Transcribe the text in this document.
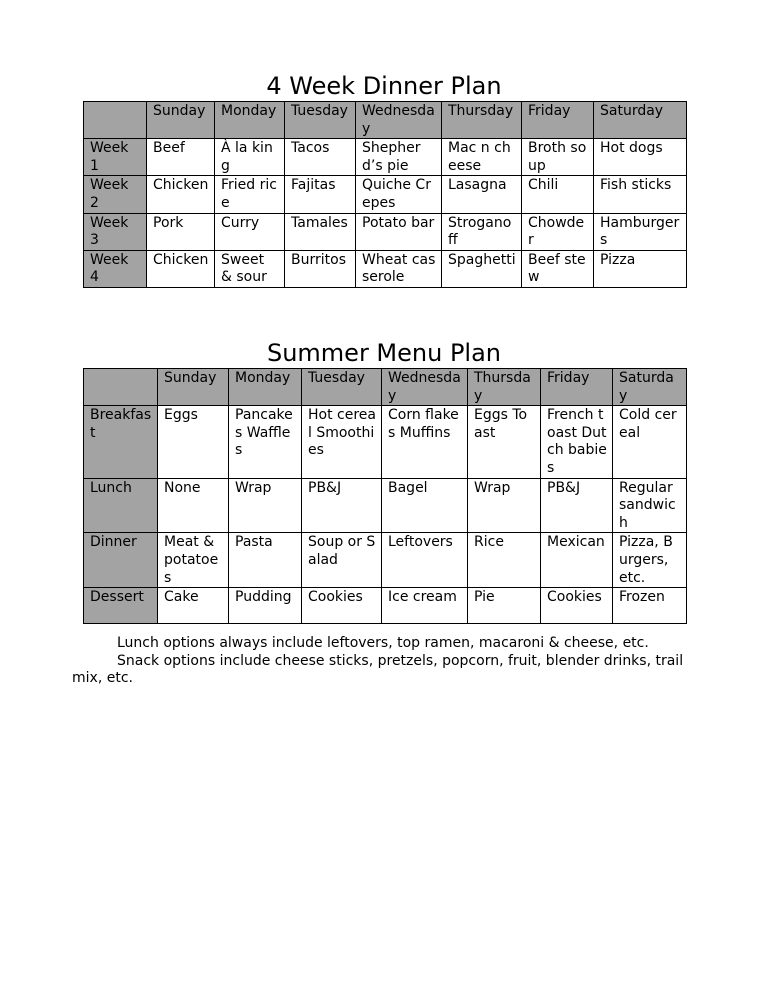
4 Week Dinner Plan
	Sunday	Monday	Tuesday	Wednesday	Thursday	Friday	Saturday
Week 1	Beef	À la king	Tacos	Shepherd’s pie	Mac n cheese	Broth soup	Hot dogs
Week 2	Chicken	Fried rice	Fajitas	Quiche Crepes	Lasagna	Chili	Fish sticks
Week 3	Pork	Curry	Tamales	Potato bar	Stroganoff	Chowder	Hamburgers
Week 4	Chicken	Sweet & sour	Burritos	Wheat casserole	Spaghetti	Beef stew	Pizza
Summer Menu Plan
	Sunday	Monday	Tuesday	Wednesday	Thursday	Friday	Saturday
Breakfast	Eggs	Pancakes Waffles	Hot cereal Smoothies	Corn flakes Muffins	Eggs Toast	French toast Dutch babies	Cold cereal
Lunch	None	Wrap	PB&J	Bagel	Wrap	PB&J	Regular sandwich
Dinner	Meat & potatoes	Pasta	Soup or Salad	Leftovers	Rice	Mexican	Pizza, Burgers, etc.
Dessert	Cake	Pudding	Cookies	Ice cream	Pie	Cookies	Frozen

Lunch options always include leftovers, top ramen, macaroni & cheese, etc.

Snack options include cheese sticks, pretzels, popcorn, fruit, blender drinks, trail mix, etc.
